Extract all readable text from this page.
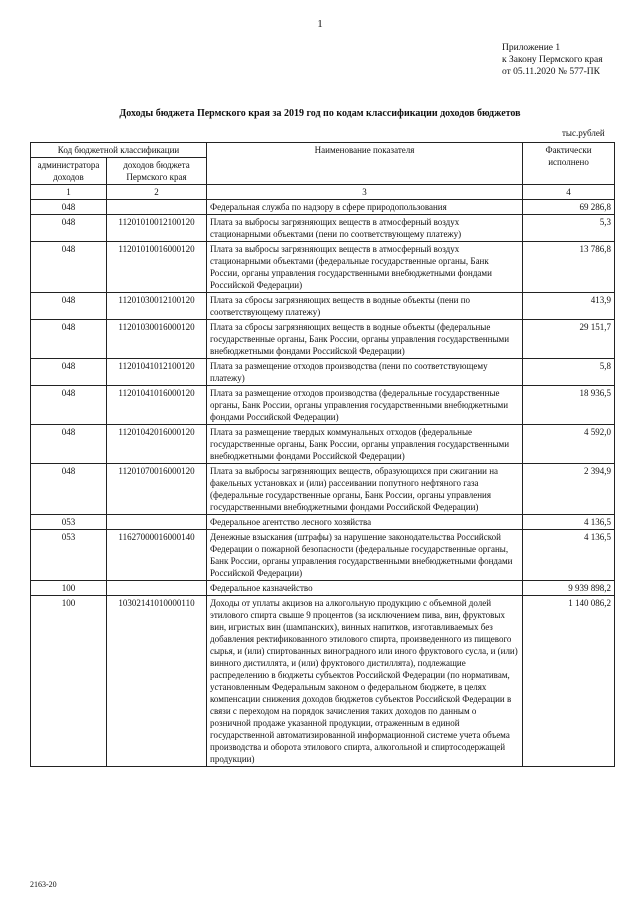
1
Приложение 1
к Закону Пермского края
от 05.11.2020 № 577-ПК
Доходы бюджета Пермского края за 2019 год по кодам классификации доходов бюджетов
тыс.рублей
Код бюджетной классификации		Наименование показателя	Фактически исполнено
администратора доходов	доходов бюджета Пермского края		
1	2	3	4
048		Федеральная служба по надзору в сфере природопользования	69 286,8
048	11201010012100120	Плата за выбросы загрязняющих веществ в атмосферный воздух стационарными объектами (пени по соответствующему платежу)	5,3
048	11201010016000120	Плата за выбросы загрязняющих веществ в атмосферный воздух стационарными объектами (федеральные государственные органы, Банк России, органы управления государственными внебюджетными фондами Российской Федерации)	13 786,8
048	11201030012100120	Плата за сбросы загрязняющих веществ в водные объекты (пени по соответствующему платежу)	413,9
048	11201030016000120	Плата за сбросы загрязняющих веществ в водные объекты (федеральные государственные органы, Банк России, органы управления государственными внебюджетными фондами Российской Федерации)	29 151,7
048	11201041012100120	Плата за размещение отходов производства (пени по соответствующему платежу)	5,8
048	11201041016000120	Плата за размещение отходов производства (федеральные государственные органы, Банк России, органы управления государственными внебюджетными фондами Российской Федерации)	18 936,5
048	11201042016000120	Плата за размещение твердых коммунальных отходов (федеральные государственные органы, Банк России, органы управления государственными внебюджетными фондами Российской Федерации)	4 592,0
048	11201070016000120	Плата за выбросы загрязняющих веществ, образующихся при сжигании на факельных установках и (или) рассеивании попутного нефтяного газа (федеральные государственные органы, Банк России, органы управления государственными внебюджетными фондами Российской Федерации)	2 394,9
053		Федеральное агентство лесного хозяйства	4 136,5
053	11627000016000140	Денежные взыскания (штрафы) за нарушение законодательства Российской Федерации о пожарной безопасности (федеральные государственные органы, Банк России, органы управления государственными внебюджетными фондами Российской Федерации)	4 136,5
100		Федеральное казначейство	9 939 898,2
100	10302141010000110	Доходы от уплаты акцизов на алкогольную продукцию с объемной долей этилового спирта свыше 9 процентов (за исключением пива, вин, фруктовых вин, игристых вин (шампанских), винных напитков, изготавливаемых без добавления ректификованного этилового спирта, произведенного из пищевого сырья, и (или) спиртованных виноградного или иного фруктового сусла, и (или) винного дистиллята, и (или) фруктового дистиллята), подлежащие распределению в бюджеты субъектов Российской Федерации (по нормативам, установленным Федеральным законом о федеральном бюджете, в целях компенсации снижения доходов бюджетов субъектов Российской Федерации в связи с переходом на порядок зачисления таких доходов по данным о розничной продаже указанной продукции, отраженным в единой государственной автоматизированной информационной системе учета объема производства и оборота этилового спирта, алкогольной и спиртосодержащей продукции)	1 140 086,2
2163-20
